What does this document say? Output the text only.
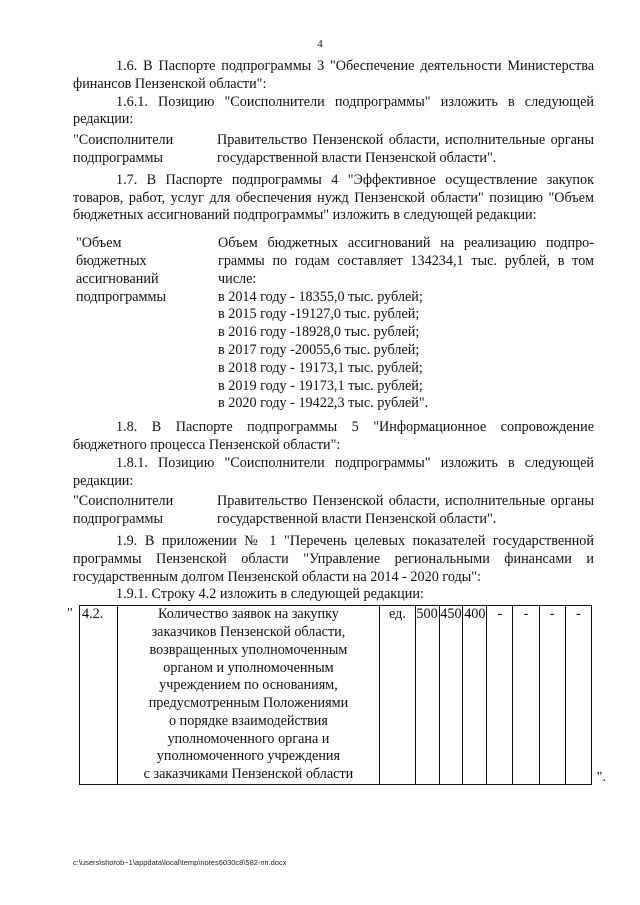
4

1.6. В Паспорте подпрограммы 3 "Обеспечение деятельности Министерства финансов Пензенской области":

1.6.1. Позицию "Соисполнители подпрограммы" изложить в следующей редакции:

"Соисполнители
подпрограммы
Правительство Пензенской области, исполнительные органы государственной власти Пензенской области".

1.7. В Паспорте подпрограммы 4 "Эффективное осуществление закупок товаров, работ, услуг для обеспечения нужд Пензенской области" позицию "Объем бюджетных ассигнований подпрограммы" изложить в следующей редакции:

"Объем
бюджетных
ассигнований
подпрограммы
Объем бюджетных ассигнований на реализацию подпро-граммы по годам составляет 134234,1 тыс. рублей, в том числе:
в 2014 году - 18355,0 тыс. рублей;
в 2015 году -19127,0 тыс. рублей;
в 2016 году -18928,0 тыс. рублей;
в 2017 году -20055,6 тыс. рублей;
в 2018 году - 19173,1 тыс. рублей;
в 2019 году - 19173,1 тыс. рублей;
в 2020 году - 19422,3 тыс. рублей".

1.8. В Паспорте подпрограммы 5 "Информационное сопровождение бюджетного процесса Пензенской области":

1.8.1. Позицию "Соисполнители подпрограммы" изложить в следующей редакции:

"Соисполнители
подпрограммы
Правительство Пензенской области, исполнительные органы государственной власти Пензенской области".

1.9. В приложении № 1 "Перечень целевых показателей государственной программы Пензенской области "Управление региональными финансами и государственным долгом Пензенской области на 2014 - 2020 годы":

1.9.1. Строку 4.2 изложить в следующей редакции:

" 4.2.	Количество заявок на закупку
заказчиков Пензенской области,
возвращенных уполномоченным
органом и уполномоченным
учреждением по основаниям,
предусмотренным Положениями
о порядке взаимодействия
уполномоченного органа и
уполномоченного учреждения
с заказчиками Пензенской области
	ед.	500	450	400	-	-	-	-
".
c:\users\shorob~1\appdata\local\temp\notes6030c8\582-пп.docx
